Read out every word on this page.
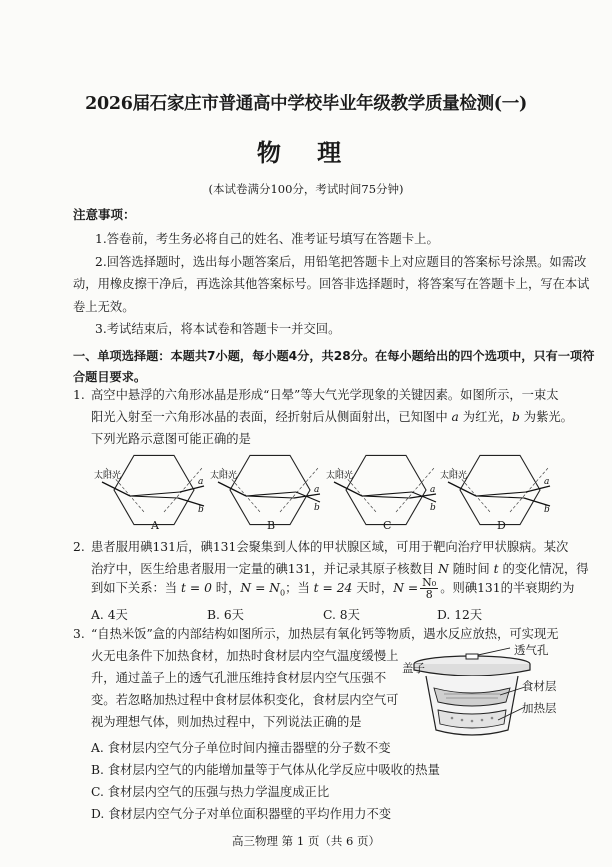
2026届石家庄市普通高中学校毕业年级教学质量检测(一)
物 理
(本试卷满分100分，考试时间75分钟)
注意事项：
1.答卷前，考生务必将自己的姓名、准考证号填写在答题卡上。
2.回答选择题时，选出每小题答案后，用铅笔把答题卡上对应题目的答案标号涂黑。如需改
动，用橡皮擦干净后，再选涂其他答案标号。回答非选择题时，将答案写在答题卡上，写在本试
卷上无效。
3.考试结束后，将本试卷和答题卡一并交回。
一、单项选择题：本题共7小题，每小题4分，共28分。在每小题给出的四个选项中，只有一项符
合题目要求。
1. 高空中悬浮的六角形冰晶是形成“日晕”等大气光学现象的关键因素。如图所示，一束太
阳光入射至一六角形冰晶的表面，经折射后从侧面射出，已知图中 a 为红光，b 为紫光。
下列光路示意图可能正确的是
太阳光
a
b
太阳光
a
b
太阳光
a
b
太阳光
a
b
A	B	C	D
2. 患者服用碘131后，碘131会聚集到人体的甲状腺区域，可用于靶向治疗甲状腺病。某次
治疗中，医生给患者服用一定量的碘131，并记录其原子核数目 N 随时间 t 的变化情况，得
到如下关系：当 t = 0 时，$N = N_0$；当 t = 24 天时，$N = \frac{\text{N₀}}{8}$ 。则碘131的半衰期约为
A. 4天	B. 6天	C. 8天	D. 12天
3. “自热米饭”盒的内部结构如图所示，加热层有氧化钙等物质，遇水反应放热，可实现无
火无电条件下加热食材，加热时食材层内空气温度缓慢上
升，通过盖子上的透气孔泄压维持食材层内空气压强不
变。若忽略加热过程中食材层体积变化，食材层内空气可
视为理想气体，则加热过程中，下列说法正确的是
A. 食材层内空气分子单位时间内撞击器壁的分子数不变
B. 食材层内空气的内能增加量等于气体从化学反应中吸收的热量
C. 食材层内空气的压强与热力学温度成正比
D. 食材层内空气分子对单位面积器壁的平均作用力不变
透气孔
盖子
食材层
加热层
高三物理 第 1 页（共 6 页）
